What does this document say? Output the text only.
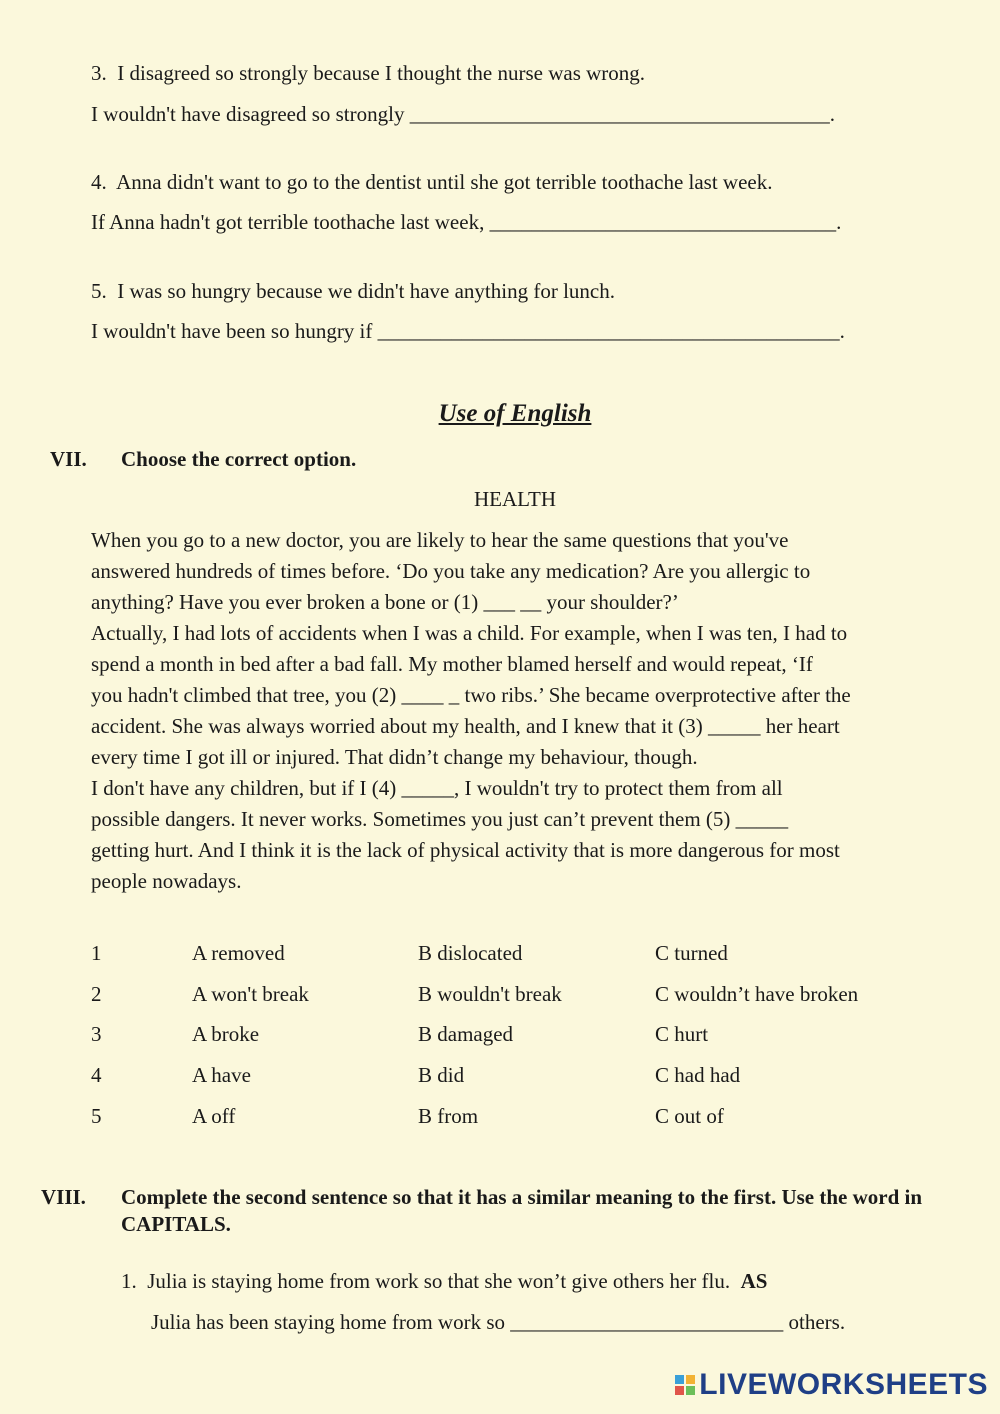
3. I disagreed so strongly because I thought the nurse was wrong.
I wouldn't have disagreed so strongly ________________________________________.
4. Anna didn't want to go to the dentist until she got terrible toothache last week.
If Anna hadn't got terrible toothache last week, _________________________________.
5. I was so hungry because we didn't have anything for lunch.
I wouldn't have been so hungry if ____________________________________________.
Use of English
VII. Choose the correct option.
HEALTH
When you go to a new doctor, you are likely to hear the same questions that you've
answered hundreds of times before. ‘Do you take any medication? Are you allergic to
anything? Have you ever broken a bone or (1) ___ __ your shoulder?’
Actually, I had lots of accidents when I was a child. For example, when I was ten, I had to
spend a month in bed after a bad fall. My mother blamed herself and would repeat, ‘If
you hadn't climbed that tree, you (2) ____ _ two ribs.’ She became overprotective after the
accident. She was always worried about my health, and I knew that it (3) _____ her heart
every time I got ill or injured. That didn’t change my behaviour, though.
I don't have any children, but if I (4) _____, I wouldn't try to protect them from all
possible dangers. It never works. Sometimes you just can’t prevent them (5) _____
getting hurt. And I think it is the lack of physical activity that is more dangerous for most
people nowadays.
1	A removed	B dislocated	C turned
2	A won't break	B wouldn't break	C wouldn’t have broken
3	A broke	B damaged	C hurt
4	A have	B did	C had had
5	A off	B from	C out of
VIII. Complete the second sentence so that it has a similar meaning to the first. Use the word in CAPITALS.
1. Julia is staying home from work so that she won’t give others her flu. AS
Julia has been staying home from work so __________________________ others.
LIVEWORKSHEETS
